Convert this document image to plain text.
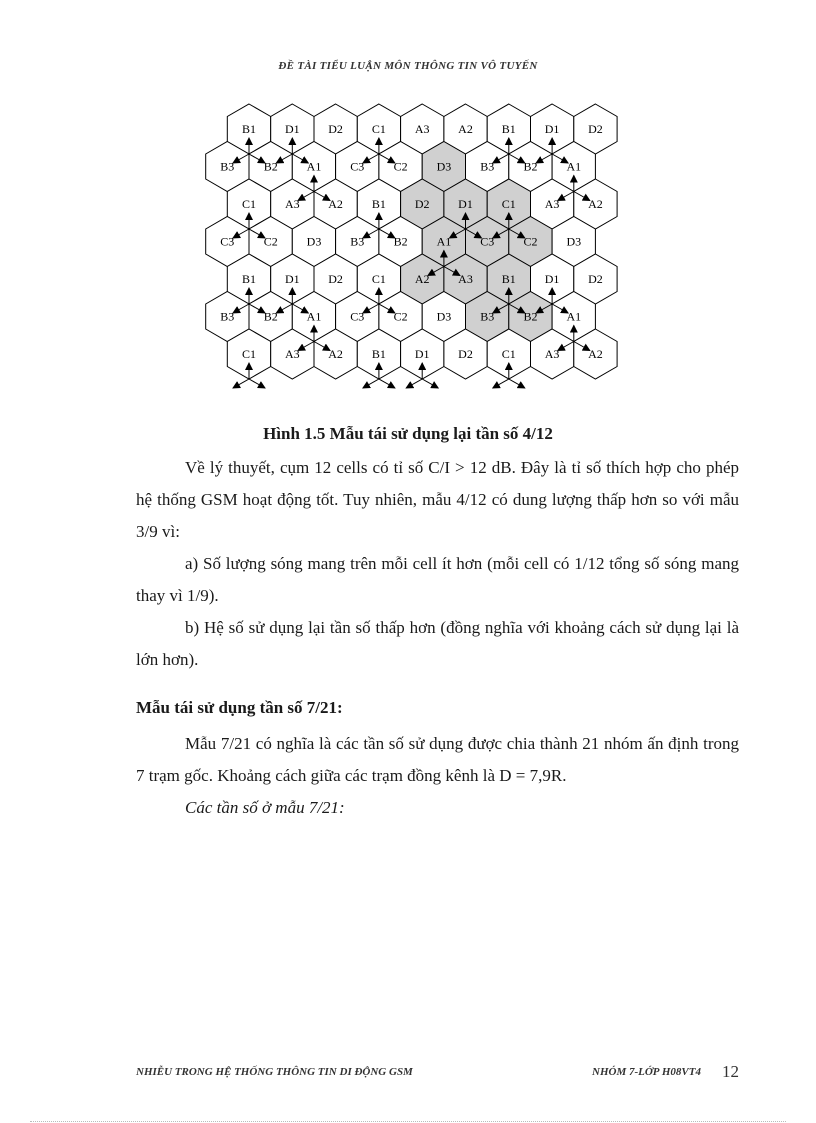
ĐỀ TÀI TIỂU LUẬN MÔN THÔNG TIN VÔ TUYẾN
B1 D1 D2 C1 A3 A2 B1 D1 D2
B3 B2 A1 C3 C2 D3 B3 B2 A1
C1 A3 A2 B1 D2 D1 C1 A3 A2
C3 C2 D3 B3 B2 A1 C3 C2 D3
B1 D1 D2 C1 A2 A3 B1 D1 D2
B3 B2 A1 C3 C2 D3 B3 B2 A1
C1 A3 A2 B1 D1 D2 C1 A3 A2
Hình 1.5 Mẫu tái sử dụng lại tần số 4/12
Về lý thuyết, cụm 12 cells có tỉ số C/I > 12 dB. Đây là tỉ số thích hợp cho phép hệ thống GSM hoạt động tốt. Tuy nhiên, mẫu 4/12 có dung lượng thấp hơn so với mẫu 3/9 vì:
a) Số lượng sóng mang trên mỗi cell ít hơn (mỗi cell có 1/12 tổng số sóng mang thay vì 1/9).
b) Hệ số sử dụng lại tần số thấp hơn (đồng nghĩa với khoảng cách sử dụng lại là lớn hơn).
Mẫu tái sử dụng tần số 7/21:
Mẫu 7/21 có nghĩa là các tần số sử dụng được chia thành 21 nhóm ấn định trong 7 trạm gốc. Khoảng cách giữa các trạm đồng kênh là D = 7,9R.
Các tần số ở mẫu 7/21:
NHIỄU TRONG HỆ THỐNG THÔNG TIN DI ĐỘNG GSM	NHÓM 7-LỚP H08VT4 12
